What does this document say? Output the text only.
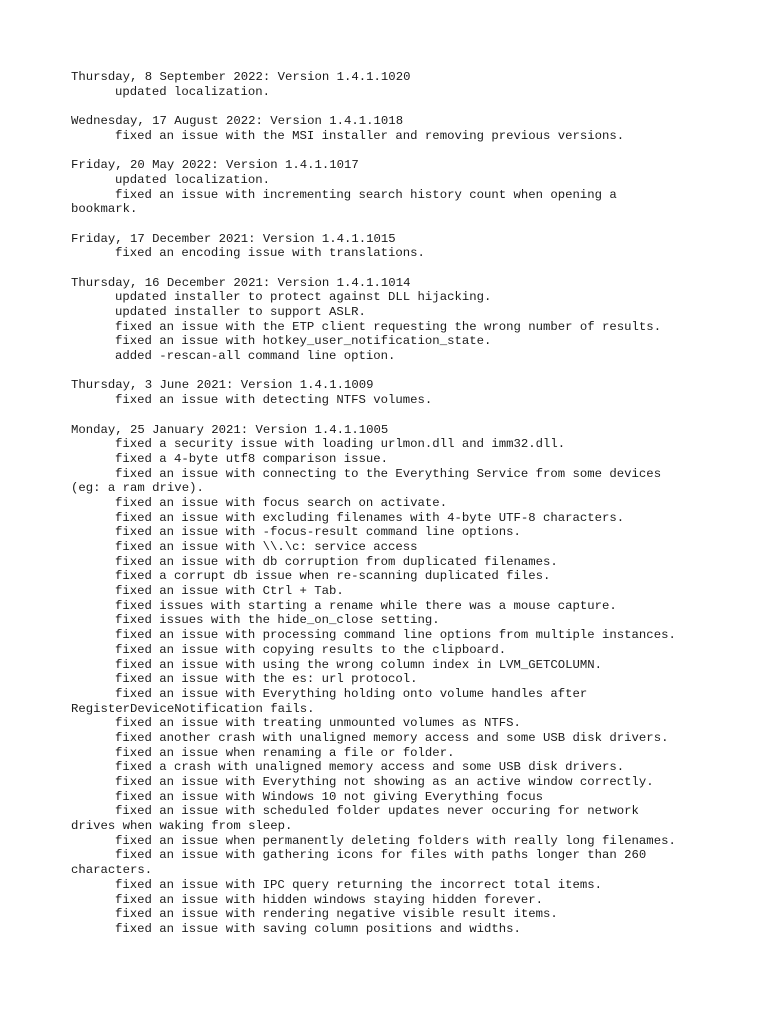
Thursday, 8 September 2022: Version 1.4.1.1020
updated localization.
Wednesday, 17 August 2022: Version 1.4.1.1018
fixed an issue with the MSI installer and removing previous versions.
Friday, 20 May 2022: Version 1.4.1.1017
updated localization.
fixed an issue with incrementing search history count when opening a
bookmark.
Friday, 17 December 2021: Version 1.4.1.1015
fixed an encoding issue with translations.
Thursday, 16 December 2021: Version 1.4.1.1014
updated installer to protect against DLL hijacking.
updated installer to support ASLR.
fixed an issue with the ETP client requesting the wrong number of results.
fixed an issue with hotkey_user_notification_state.
added -rescan-all command line option.
Thursday, 3 June 2021: Version 1.4.1.1009
fixed an issue with detecting NTFS volumes.
Monday, 25 January 2021: Version 1.4.1.1005
fixed a security issue with loading urlmon.dll and imm32.dll.
fixed a 4-byte utf8 comparison issue.
fixed an issue with connecting to the Everything Service from some devices
(eg: a ram drive).
fixed an issue with focus search on activate.
fixed an issue with excluding filenames with 4-byte UTF-8 characters.
fixed an issue with -focus-result command line options.
fixed an issue with \\.\c: service access
fixed an issue with db corruption from duplicated filenames.
fixed a corrupt db issue when re-scanning duplicated files.
fixed an issue with Ctrl + Tab.
fixed issues with starting a rename while there was a mouse capture.
fixed issues with the hide_on_close setting.
fixed an issue with processing command line options from multiple instances.
fixed an issue with copying results to the clipboard.
fixed an issue with using the wrong column index in LVM_GETCOLUMN.
fixed an issue with the es: url protocol.
fixed an issue with Everything holding onto volume handles after
RegisterDeviceNotification fails.
fixed an issue with treating unmounted volumes as NTFS.
fixed another crash with unaligned memory access and some USB disk drivers.
fixed an issue when renaming a file or folder.
fixed a crash with unaligned memory access and some USB disk drivers.
fixed an issue with Everything not showing as an active window correctly.
fixed an issue with Windows 10 not giving Everything focus
fixed an issue with scheduled folder updates never occuring for network
drives when waking from sleep.
fixed an issue when permanently deleting folders with really long filenames.
fixed an issue with gathering icons for files with paths longer than 260
characters.
fixed an issue with IPC query returning the incorrect total items.
fixed an issue with hidden windows staying hidden forever.
fixed an issue with rendering negative visible result items.
fixed an issue with saving column positions and widths.
